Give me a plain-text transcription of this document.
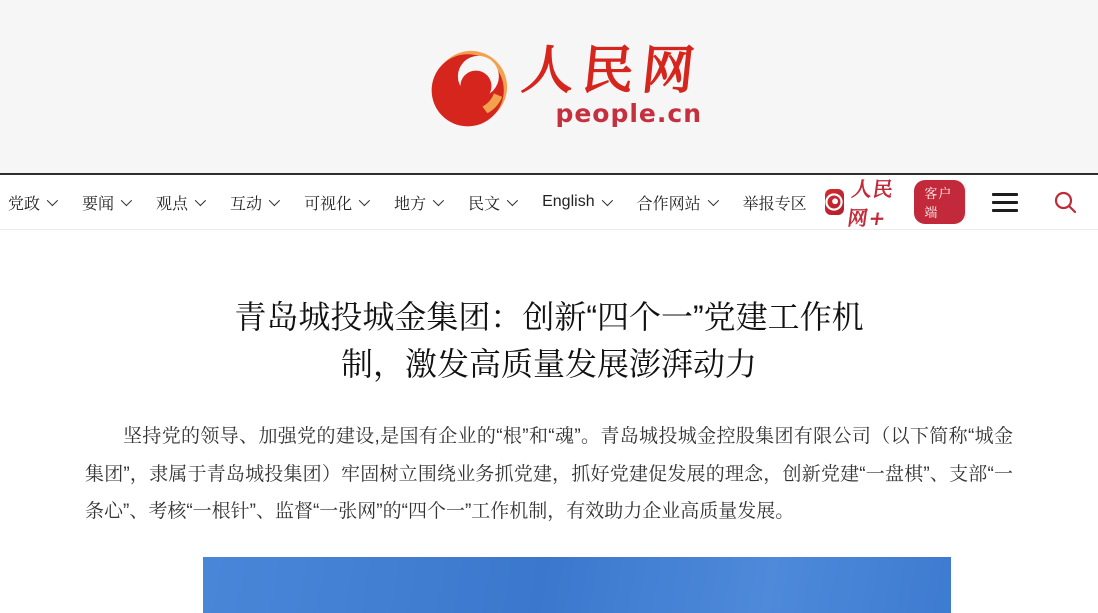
人民网
people.cn
党政	要闻	观点	互动	可视化	地方	民文	English	合作网站	举报专区
人民网+
客户端
青岛城投城金集团：创新“四个一”党建工作机
制，激发高质量发展澎湃动力

坚持党的领导、加强党的建设,是国有企业的“根”和“魂”。青岛城投城金控股集团有限公司（以下简称“城金集团”，隶属于青岛城投集团）牢固树立围绕业务抓党建，抓好党建促发展的理念，创新党建“一盘棋”、支部“一条心”、考核“一根针”、监督“一张网”的“四个一”工作机制，有效助力企业高质量发展。
